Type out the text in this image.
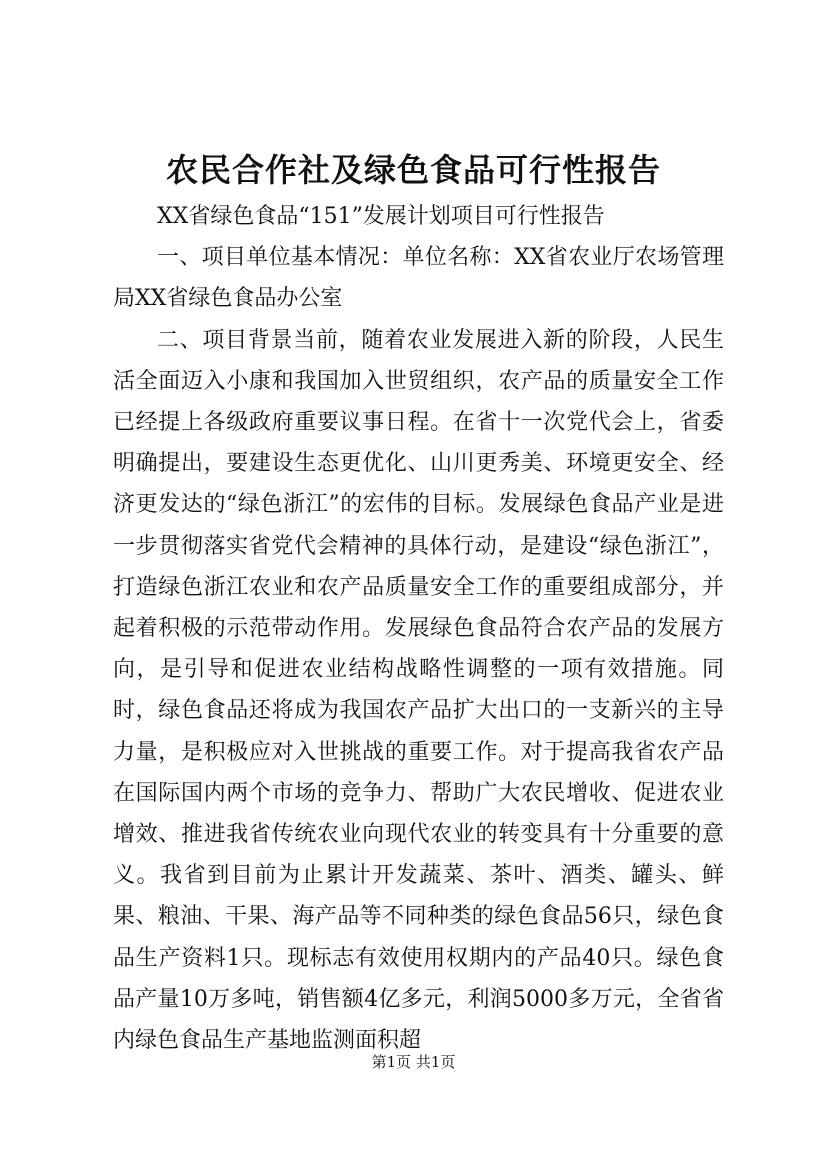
农民合作社及绿色食品可行性报告

XX省绿色食品“151”发展计划项目可行性报告

一、项目单位基本情况：单位名称：XX省农业厅农场管理局XX省绿色食品办公室

二、项目背景当前，随着农业发展进入新的阶段，人民生活全面迈入小康和我国加入世贸组织，农产品的质量安全工作已经提上各级政府重要议事日程。在省十一次党代会上，省委明确提出，要建设生态更优化、山川更秀美、环境更安全、经济更发达的“绿色浙江”的宏伟的目标。发展绿色食品产业是进一步贯彻落实省党代会精神的具体行动，是建设“绿色浙江”，打造绿色浙江农业和农产品质量安全工作的重要组成部分，并起着积极的示范带动作用。发展绿色食品符合农产品的发展方向，是引导和促进农业结构战略性调整的一项有效措施。同时，绿色食品还将成为我国农产品扩大出口的一支新兴的主导力量，是积极应对入世挑战的重要工作。对于提高我省农产品在国际国内两个市场的竞争力、帮助广大农民增收、促进农业增效、推进我省传统农业向现代农业的转变具有十分重要的意义。我省到目前为止累计开发蔬菜、茶叶、酒类、罐头、鲜果、粮油、干果、海产品等不同种类的绿色食品56只，绿色食品生产资料1只。现标志有效使用权期内的产品40只。绿色食品产量10万多吨，销售额4亿多元，利润5000多万元，全省省内绿色食品生产基地监测面积超

第1页 共1页
